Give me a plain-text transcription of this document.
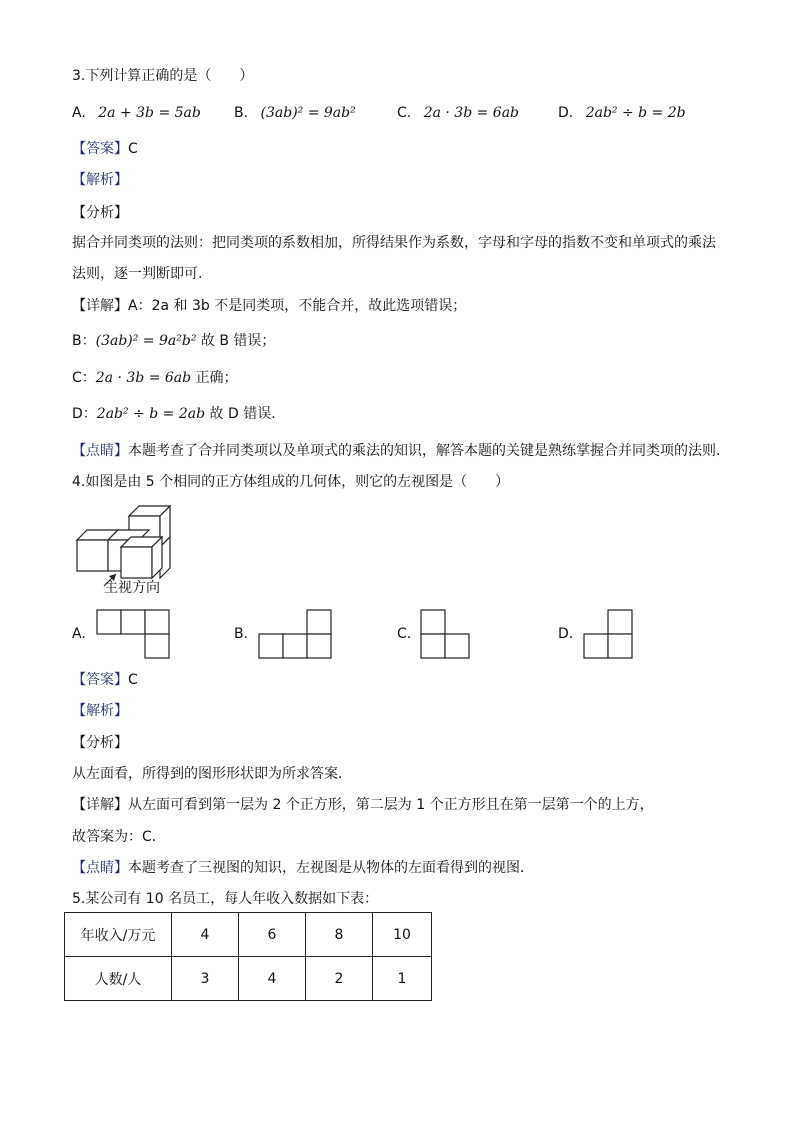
3.下列计算正确的是（　　）
A. 2a + 3b = 5ab B. (3ab)² = 9ab²	C. 2a · 3b = 6ab	D. 2ab² ÷ b = 2b
【答案】C
【解析】
【分析】
据合并同类项的法则：把同类项的系数相加，所得结果作为系数，字母和字母的指数不变和单项式的乘法
法则，逐一判断即可.
【详解】A：2a 和 3b 不是同类项，不能合并，故此选项错误；
B：(3ab)² = 9a²b² 故 B 错误；
C：2a · 3b = 6ab 正确；
D：2ab² ÷ b = 2ab 故 D 错误.
【点睛】本题考查了合并同类项以及单项式的乘法的知识，解答本题的关键是熟练掌握合并同类项的法则.
4.如图是由 5 个相同的正方体组成的几何体，则它的左视图是（　　）
主视方向
A.	B.	C.	D.
【答案】C
【解析】
【分析】
从左面看，所得到的图形形状即为所求答案．
【详解】从左面可看到第一层为 2 个正方形，第二层为 1 个正方形且在第一层第一个的上方，
故答案为：C．
【点睛】本题考查了三视图的知识，左视图是从物体的左面看得到的视图．
5.某公司有 10 名员工，每人年收入数据如下表：
年收入/万元	4	6	8	10
人数/人	3	4	2	1
